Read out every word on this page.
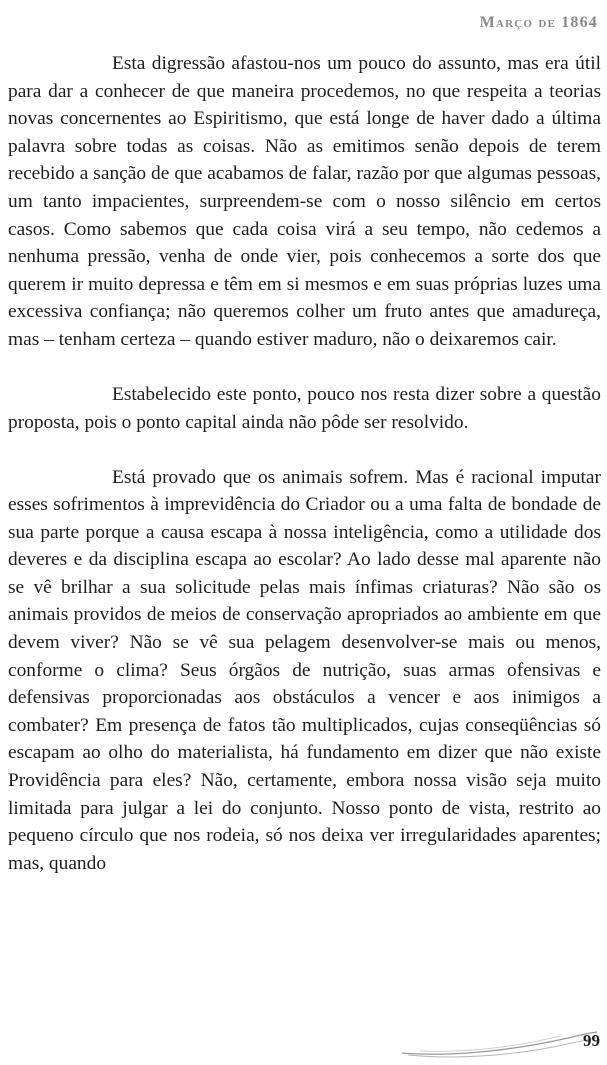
Março de 1864

Esta digressão afastou-nos um pouco do assunto, mas era útil para dar a conhecer de que maneira procedemos, no que respeita a teorias novas concernentes ao Espiritismo, que está longe de haver dado a última palavra sobre todas as coisas. Não as emitimos senão depois de terem recebido a sanção de que acabamos de falar, razão por que algumas pessoas, um tanto impacientes, surpreendem-se com o nosso silêncio em certos casos. Como sabemos que cada coisa virá a seu tempo, não cedemos a nenhuma pressão, venha de onde vier, pois conhecemos a sorte dos que querem ir muito depressa e têm em si mesmos e em suas próprias luzes uma excessiva confiança; não queremos colher um fruto antes que amadureça, mas – tenham certeza – quando estiver maduro, não o deixaremos cair.

Estabelecido este ponto, pouco nos resta dizer sobre a questão proposta, pois o ponto capital ainda não pôde ser resolvido.

Está provado que os animais sofrem. Mas é racional imputar esses sofrimentos à imprevidência do Criador ou a uma falta de bondade de sua parte porque a causa escapa à nossa inteligência, como a utilidade dos deveres e da disciplina escapa ao escolar? Ao lado desse mal aparente não se vê brilhar a sua solicitude pelas mais ínfimas criaturas? Não são os animais providos de meios de conservação apropriados ao ambiente em que devem viver? Não se vê sua pelagem desenvolver-se mais ou menos, conforme o clima? Seus órgãos de nutrição, suas armas ofensivas e defensivas proporcionadas aos obstáculos a vencer e aos inimigos a combater? Em presença de fatos tão multiplicados, cujas conseqüências só escapam ao olho do materialista, há fundamento em dizer que não existe Providência para eles? Não, certamente, embora nossa visão seja muito limitada para julgar a lei do conjunto. Nosso ponto de vista, restrito ao pequeno círculo que nos rodeia, só nos deixa ver irregularidades aparentes; mas, quando

99
